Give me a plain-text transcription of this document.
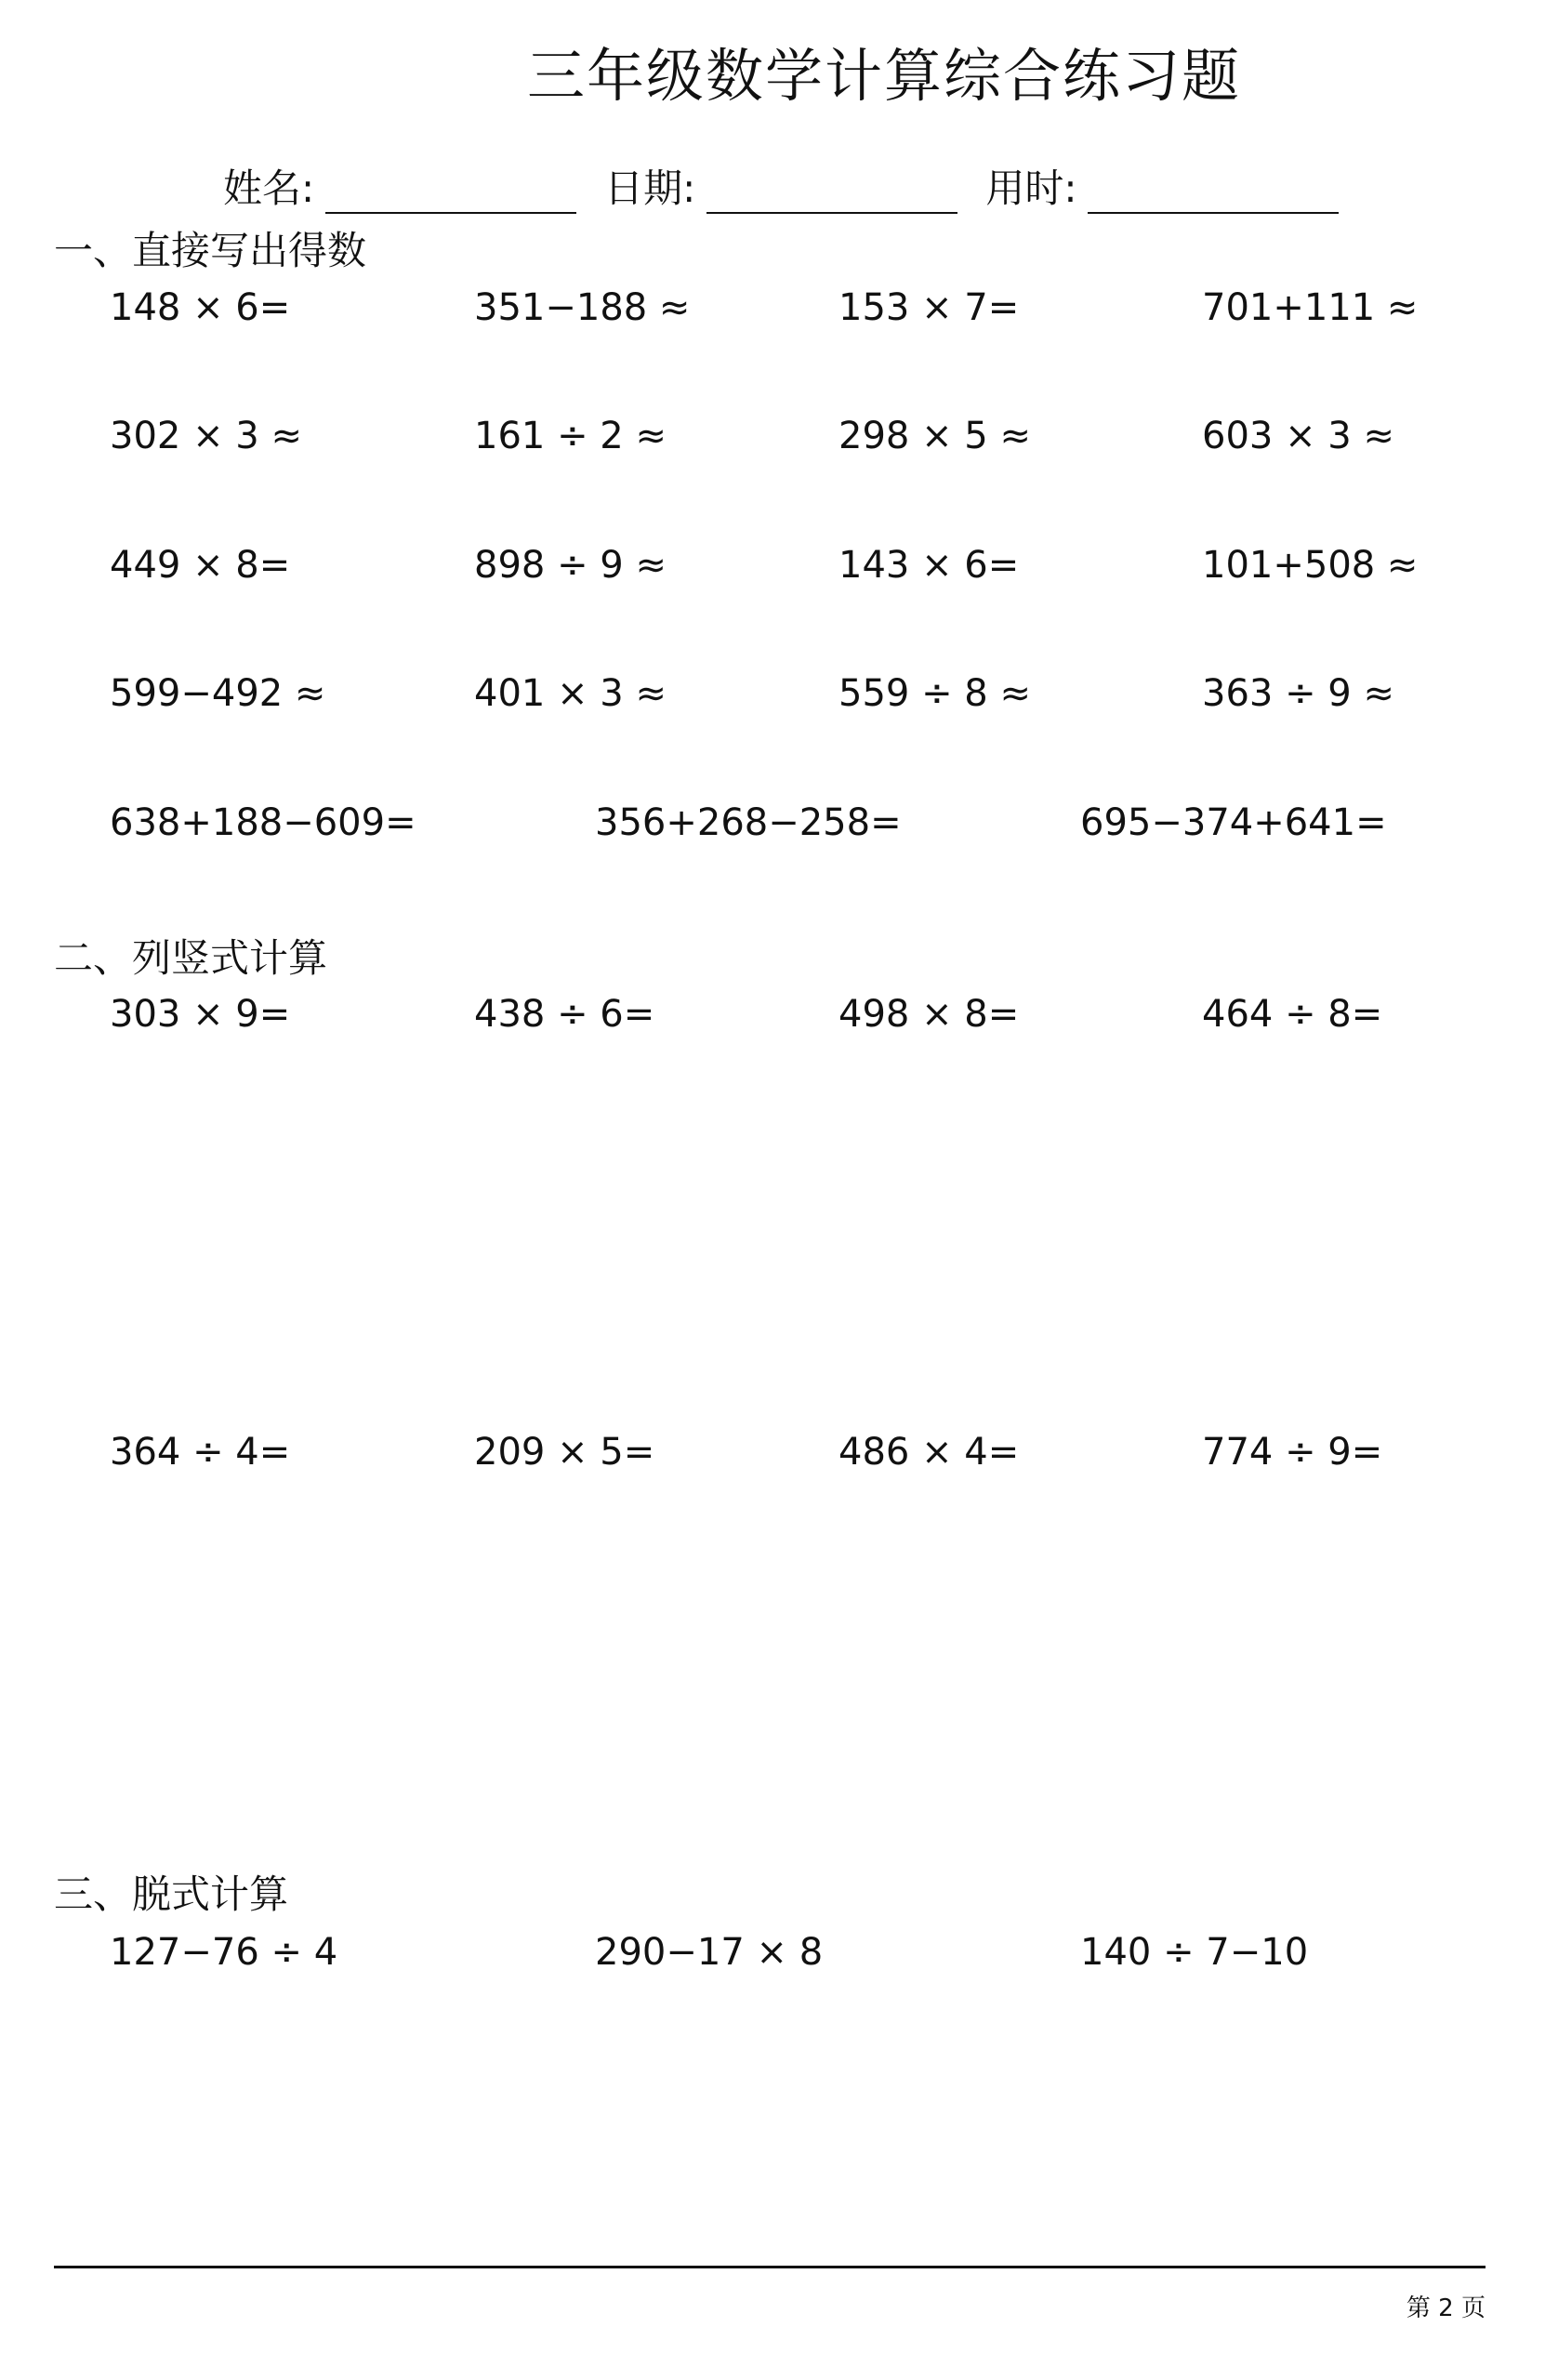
三年级数学计算综合练习题
姓名:	日期:	用时:
一、直接写出得数
148 × 6=	351−188 ≈	153 × 7=	701+111 ≈
302 × 3 ≈	161 ÷ 2 ≈	298 × 5 ≈	603 × 3 ≈
449 × 8=	898 ÷ 9 ≈	143 × 6=	101+508 ≈
599−492 ≈	401 × 3 ≈	559 ÷ 8 ≈	363 ÷ 9 ≈
638+188−609=	356+268−258=	695−374+641=
二、列竖式计算
303 × 9=	438 ÷ 6=	498 × 8=	464 ÷ 8=
364 ÷ 4=	209 × 5=	486 × 4=	774 ÷ 9=
三、脱式计算
127−76 ÷ 4	290−17 × 8	140 ÷ 7−10
第 2 页
